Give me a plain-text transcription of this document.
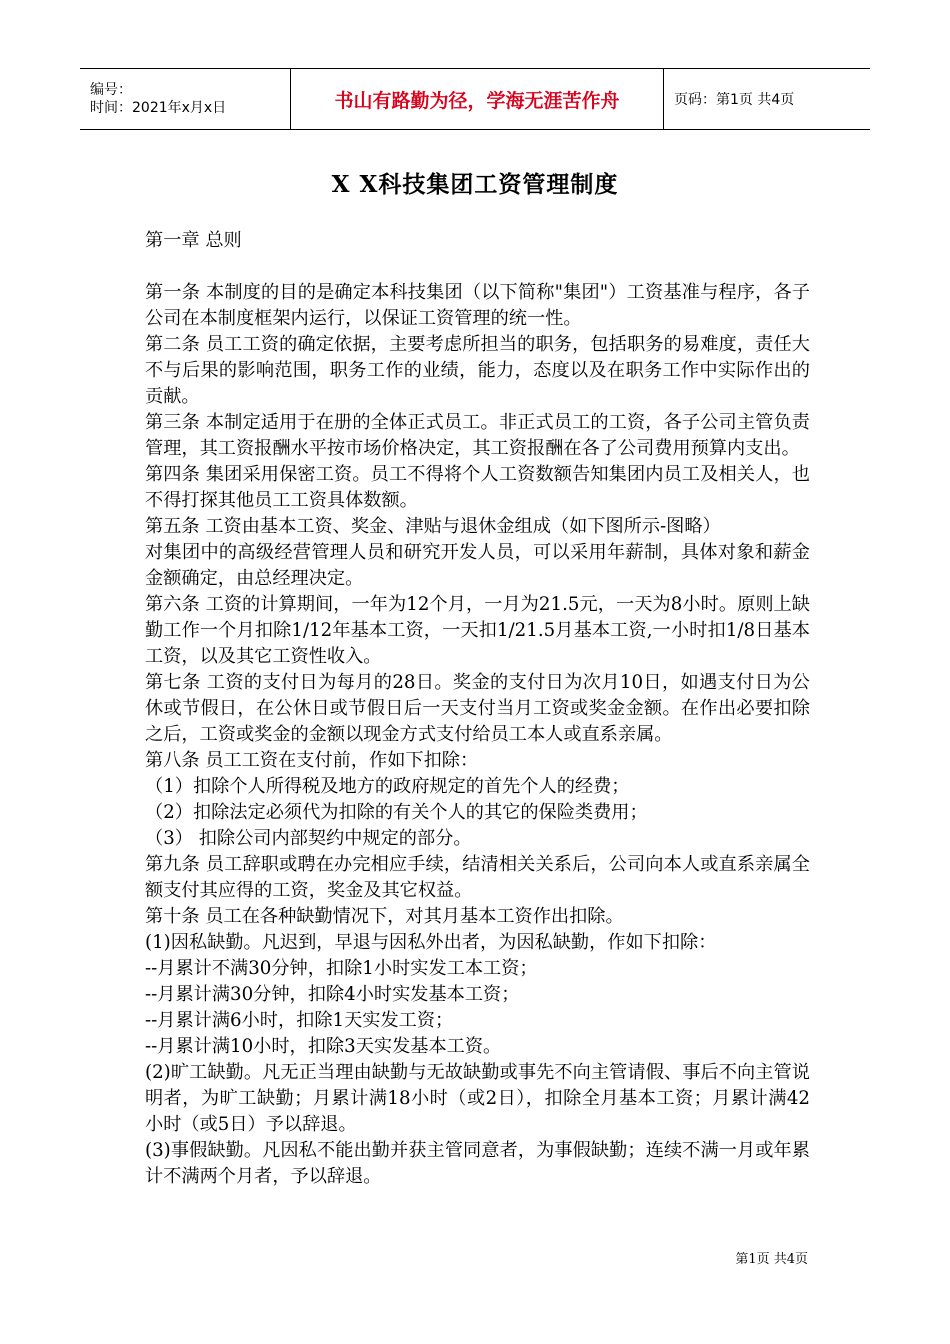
编号：
时间：2021年x月x日	书山有路勤为径，学海无涯苦作舟	页码：第1页 共4页
X X科技集团工资管理制度

第一章 总则

第一条 本制度的目的是确定本科技集团（以下简称"集团"）工资基准与程序，各子公司在本制度框架内运行，以保证工资管理的统一性。

第二条 员工工资的确定依据，主要考虑所担当的职务，包括职务的易难度，责任大不与后果的影响范围，职务工作的业绩，能力，态度以及在职务工作中实际作出的贡献。

第三条 本制定适用于在册的全体正式员工。非正式员工的工资，各子公司主管负责管理，其工资报酬水平按市场价格决定，其工资报酬在各了公司费用预算内支出。

第四条 集团采用保密工资。员工不得将个人工资数额告知集团内员工及相关人，也不得打探其他员工工资具体数额。

第五条 工资由基本工资、奖金、津贴与退休金组成（如下图所示-图略）

对集团中的高级经营管理人员和研究开发人员，可以采用年薪制，具体对象和薪金金额确定，由总经理决定。

第六条 工资的计算期间，一年为12个月，一月为21.5元，一天为8小时。原则上缺勤工作一个月扣除1/12年基本工资，一天扣1/21.5月基本工资,一小时扣1/8日基本工资，以及其它工资性收入。

第七条 工资的支付日为每月的28日。奖金的支付日为次月10日，如遇支付日为公休或节假日，在公休日或节假日后一天支付当月工资或奖金金额。在作出必要扣除之后，工资或奖金的金额以现金方式支付给员工本人或直系亲属。

第八条 员工工资在支付前，作如下扣除：

（1）扣除个人所得税及地方的政府规定的首先个人的经费；

（2）扣除法定必须代为扣除的有关个人的其它的保险类费用；

（3） 扣除公司内部契约中规定的部分。

第九条 员工辞职或聘在办完相应手续，结清相关关系后，公司向本人或直系亲属全额支付其应得的工资，奖金及其它权益。

第十条 员工在各种缺勤情况下，对其月基本工资作出扣除。

(1)因私缺勤。凡迟到，早退与因私外出者，为因私缺勤，作如下扣除：

--月累计不满30分钟，扣除1小时实发工本工资；

--月累计满30分钟，扣除4小时实发基本工资；

--月累计满6小时，扣除1天实发工资；

--月累计满10小时，扣除3天实发基本工资。

(2)旷工缺勤。凡无正当理由缺勤与无故缺勤或事先不向主管请假、事后不向主管说明者，为旷工缺勤；月累计满18小时（或2日），扣除全月基本工资；月累计满42小时（或5日）予以辞退。

(3)事假缺勤。凡因私不能出勤并获主管同意者，为事假缺勤；连续不满一月或年累计不满两个月者，予以辞退。

第1页 共4页
